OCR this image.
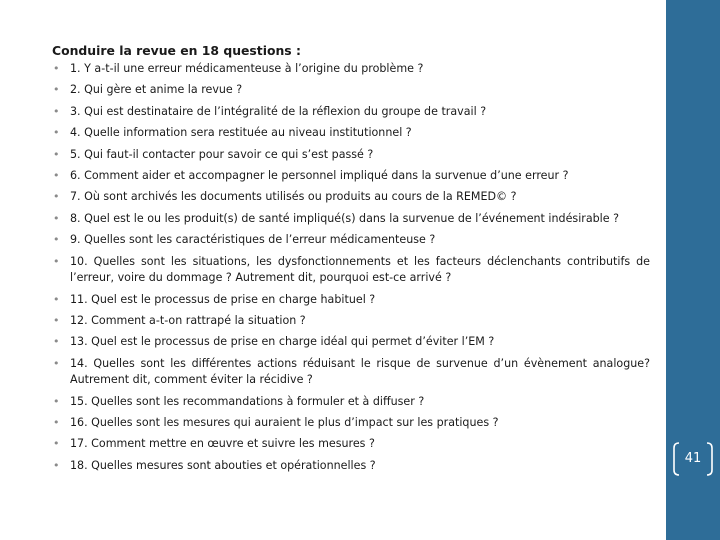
Conduire la revue en 18 questions :
• 1. Y a-t-il une erreur médicamenteuse à l’origine du problème ?
• 2. Qui gère et anime la revue ?
• 3. Qui est destinataire de l’intégralité de la réflexion du groupe de travail ?
• 4. Quelle information sera restituée au niveau institutionnel ?
• 5. Qui faut-il contacter pour savoir ce qui s’est passé ?
• 6. Comment aider et accompagner le personnel impliqué dans la survenue d’une erreur ?
• 7. Où sont archivés les documents utilisés ou produits au cours de la REMED© ?
• 8. Quel est le ou les produit(s) de santé impliqué(s) dans la survenue de l’événement indésirable ?
• 9. Quelles sont les caractéristiques de l’erreur médicamenteuse ?
• 10. Quelles sont les situations, les dysfonctionnements et les facteurs déclenchants contributifs de l’erreur, voire du dommage ? Autrement dit, pourquoi est-ce arrivé ?
• 11. Quel est le processus de prise en charge habituel ?
• 12. Comment a-t-on rattrapé la situation ?
• 13. Quel est le processus de prise en charge idéal qui permet d’éviter l’EM ?
• 14. Quelles sont les différentes actions réduisant le risque de survenue d’un évènement analogue? Autrement dit, comment éviter la récidive ?
• 15. Quelles sont les recommandations à formuler et à diffuser ?
• 16. Quelles sont les mesures qui auraient le plus d’impact sur les pratiques ?
• 17. Comment mettre en œuvre et suivre les mesures ?
• 18. Quelles mesures sont abouties et opérationnelles ?	41
